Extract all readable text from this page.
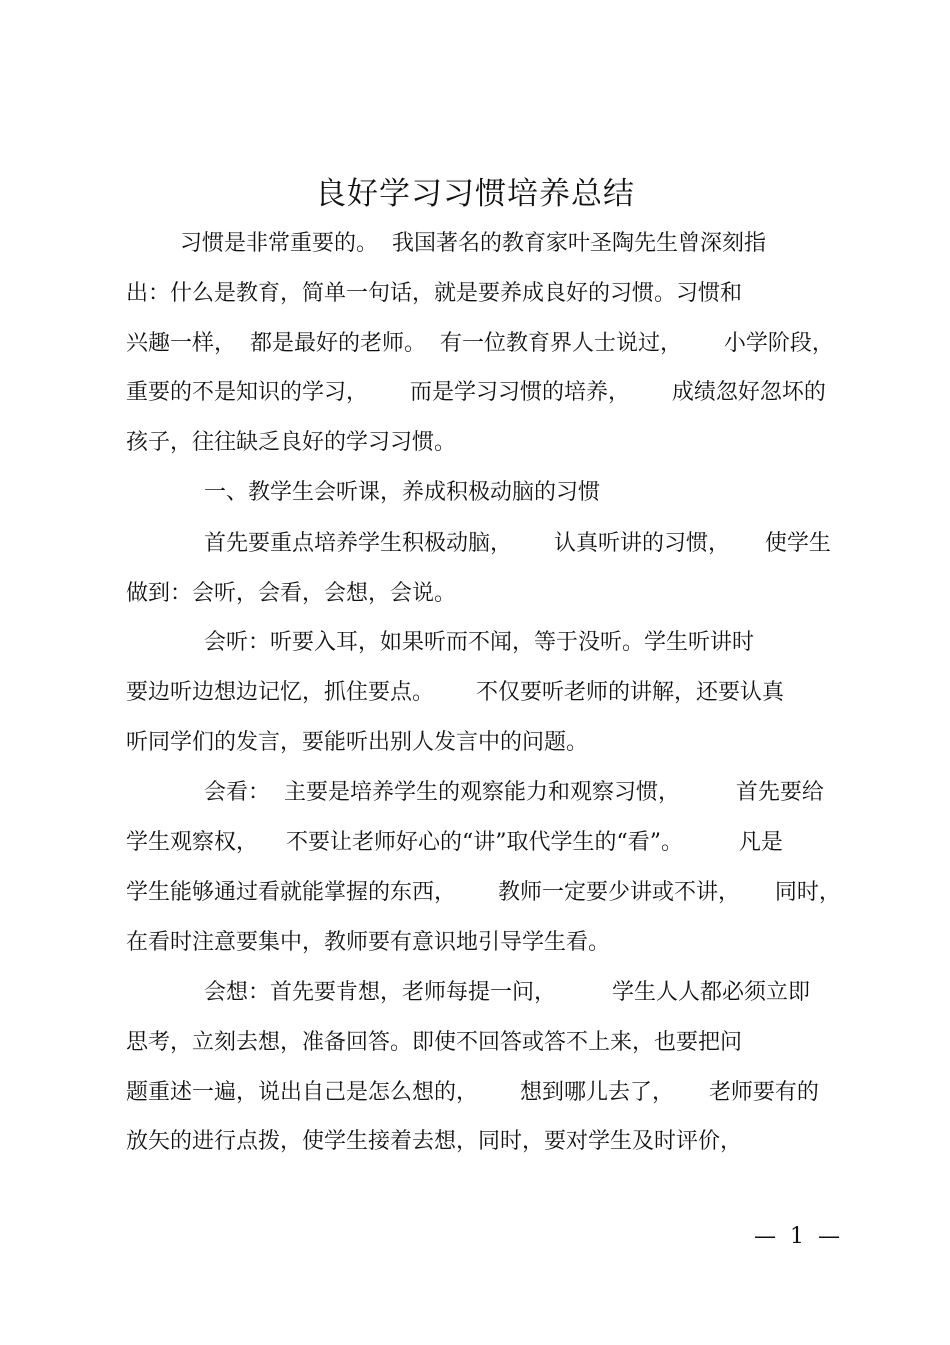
良好学习习惯培养总结

习惯是非常重要的。  我国著名的教育家叶圣陶先生曾深刻指

出：什么是教育，简单一句话，就是要养成良好的习惯。习惯和

兴趣一样，  都是最好的老师。  有一位教育界人士说过，      小学阶段，

重要的不是知识的学习，      而是学习习惯的培养，      成绩忽好忽坏的

孩子，往往缺乏良好的学习习惯。

一、教学生会听课，养成积极动脑的习惯

首先要重点培养学生积极动脑，      认真听讲的习惯，     使学生

做到：会听，会看，会想，会说。

会听：听要入耳，如果听而不闻，等于没听。学生听讲时

要边听边想边记忆，抓住要点。      不仅要听老师的讲解，还要认真

听同学们的发言，要能听出别人发言中的问题。

会看：  主要是培养学生的观察能力和观察习惯，        首先要给

学生观察权，    不要让老师好心的“讲”取代学生的“看”。        凡是

学生能够通过看就能掌握的东西，      教师一定要少讲或不讲，     同时，

在看时注意要集中，教师要有意识地引导学生看。

会想：首先要肯想，老师每提一问，        学生人人都必须立即

思考，立刻去想，准备回答。即使不回答或答不上来，也要把问

题重述一遍，说出自己是怎么想的，      想到哪儿去了，     老师要有的

放矢的进行点拨，使学生接着去想，同时，要对学生及时评价，

—  1  —
